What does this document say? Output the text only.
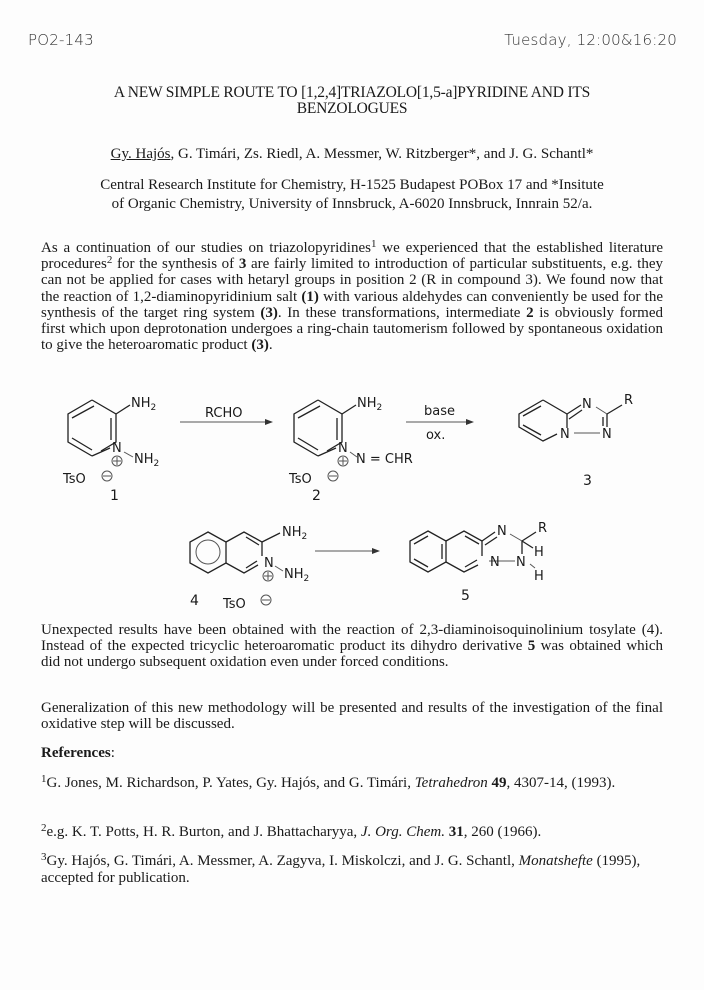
PO2-143	Tuesday, 12:00&16:20
A NEW SIMPLE ROUTE TO [1,2,4]TRIAZOLO[1,5-a]PYRIDINE AND ITS
BENZOLOGUES
Gy. Hajós, G. Timári, Zs. Riedl, A. Messmer, W. Ritzberger*, and J. G. Schantl*
Central Research Institute for Chemistry, H-1525 Budapest POBox 17 and *Insitute
of Organic Chemistry, University of Innsbruck, A-6020 Innsbruck, Innrain 52/a.
As a continuation of our studies on triazolopyridines$^1$ we experienced that the established literature procedures$^2$ for the synthesis of 3 are fairly limited to introduction of particular substituents, e.g. they can not be applied for cases with hetaryl groups in position 2 (R in compound 3). We found now that the reaction of 1,2-diaminopyridinium salt (1) with various aldehydes can conveniently be used for the synthesis of the target ring system (3). In these transformations, intermediate 2 is obviously formed first which upon deprotonation undergoes a ring-chain tautomerism followed by spontaneous oxidation to give the heteroaromatic product (3).
$NH_2$
N
$NH_2$
TsO
1
RCHO
$NH_2$
N
N = CHR
TsO
2
base
ox.
N
N N
R
3
$NH_2$
N
$NH_2$
4 TsO
N
N N
R
H
H
5
Unexpected results have been obtained with the reaction of 2,3-diaminoisoquinolinium tosylate (4). Instead of the expected tricyclic heteroaromatic product its dihydro derivative 5 was obtained which did not undergo subsequent oxidation even under forced conditions.
Generalization of this new methodology will be presented and results of the investigation of the final oxidative step will be discussed.
References:
$^1$G. Jones, M. Richardson, P. Yates, Gy. Hajós, and G. Timári, Tetrahedron 49, 4307-14, (1993).
$^2$e.g. K. T. Potts, H. R. Burton, and J. Bhattacharyya, J. Org. Chem. 31, 260 (1966).
$^3$Gy. Hajós, G. Timári, A. Messmer, A. Zagyva, I. Miskolczi, and J. G. Schantl, Monatshefte (1995), accepted for publication.
